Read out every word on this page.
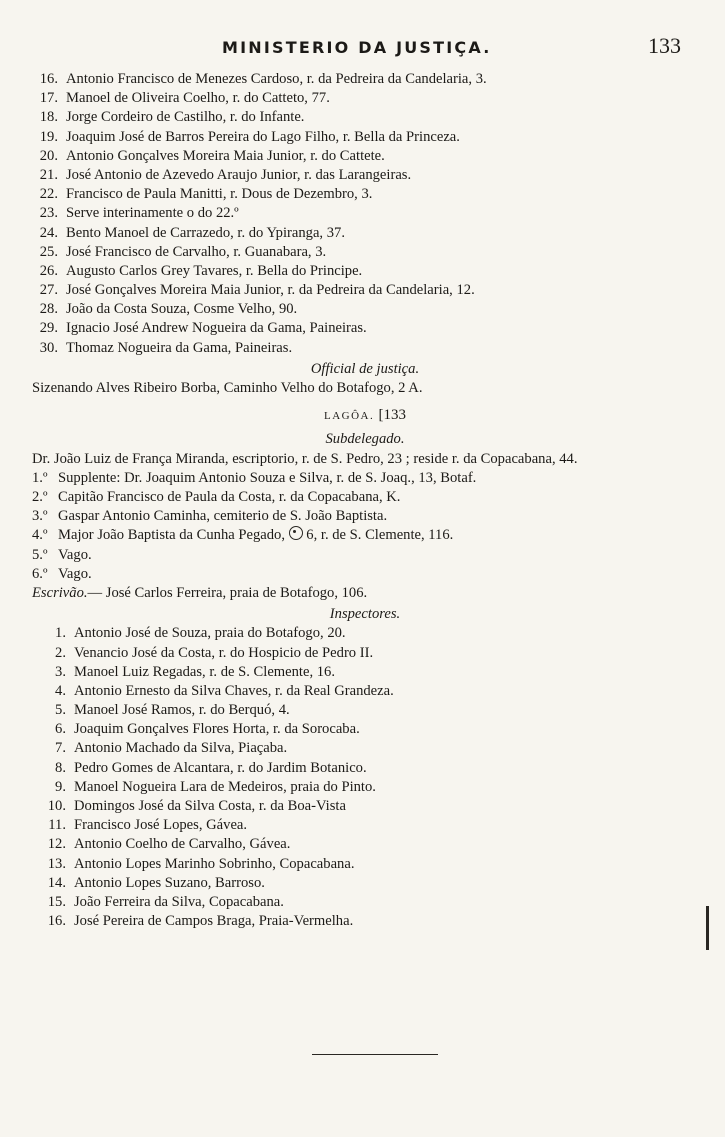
MINISTERIO DA JUSTIÇA.	133
16. Antonio Francisco de Menezes Cardoso, r. da Pedreira da Candelaria, 3.
17. Manoel de Oliveira Coelho, r. do Catteto, 77.
18. Jorge Cordeiro de Castilho, r. do Infante.
19. Joaquim José de Barros Pereira do Lago Filho, r. Bella da Princeza.
20. Antonio Gonçalves Moreira Maia Junior, r. do Cattete.
21. José Antonio de Azevedo Araujo Junior, r. das Larangeiras.
22. Francisco de Paula Manitti, r. Dous de Dezembro, 3.
23. Serve interinamente o do 22.º
24. Bento Manoel de Carrazedo, r. do Ypiranga, 37.
25. José Francisco de Carvalho, r. Guanabara, 3.
26. Augusto Carlos Grey Tavares, r. Bella do Principe.
27. José Gonçalves Moreira Maia Junior, r. da Pedreira da Candelaria, 12.
28. João da Costa Souza, Cosme Velho, 90.
29. Ignacio José Andrew Nogueira da Gama, Paineiras.
30. Thomaz Nogueira da Gama, Paineiras.
Official de justiça.
Sizenando Alves Ribeiro Borba, Caminho Velho do Botafogo, 2 A.
LAGÔA. [133
Subdelegado.
Dr. João Luiz de França Miranda, escriptorio, r. de S. Pedro, 23 ; reside r. da Copacabana, 44.
1.º Supplente: Dr. Joaquim Antonio Souza e Silva, r. de S. Joaq., 13, Botaf.
2.º Capitão Francisco de Paula da Costa, r. da Copacabana, K.
3.º Gaspar Antonio Caminha, cemiterio de S. João Baptista.
4.º Major João Baptista da Cunha Pegado, 6, r. de S. Clemente, 116.
5.º Vago.
6.º Vago.
Escrivão. — José Carlos Ferreira, praia de Botafogo, 106.
Inspectores.
1. Antonio José de Souza, praia do Botafogo, 20.
2. Venancio José da Costa, r. do Hospicio de Pedro II.
3. Manoel Luiz Regadas, r. de S. Clemente, 16.
4. Antonio Ernesto da Silva Chaves, r. da Real Grandeza.
5. Manoel José Ramos, r. do Berquó, 4.
6. Joaquim Gonçalves Flores Horta, r. da Sorocaba.
7. Antonio Machado da Silva, Piaçaba.
8. Pedro Gomes de Alcantara, r. do Jardim Botanico.
9. Manoel Nogueira Lara de Medeiros, praia do Pinto.
10. Domingos José da Silva Costa, r. da Boa-Vista
11. Francisco José Lopes, Gávea.
12. Antonio Coelho de Carvalho, Gávea.
13. Antonio Lopes Marinho Sobrinho, Copacabana.
14. Antonio Lopes Suzano, Barroso.
15. João Ferreira da Silva, Copacabana.
16. José Pereira de Campos Braga, Praia-Vermelha.
